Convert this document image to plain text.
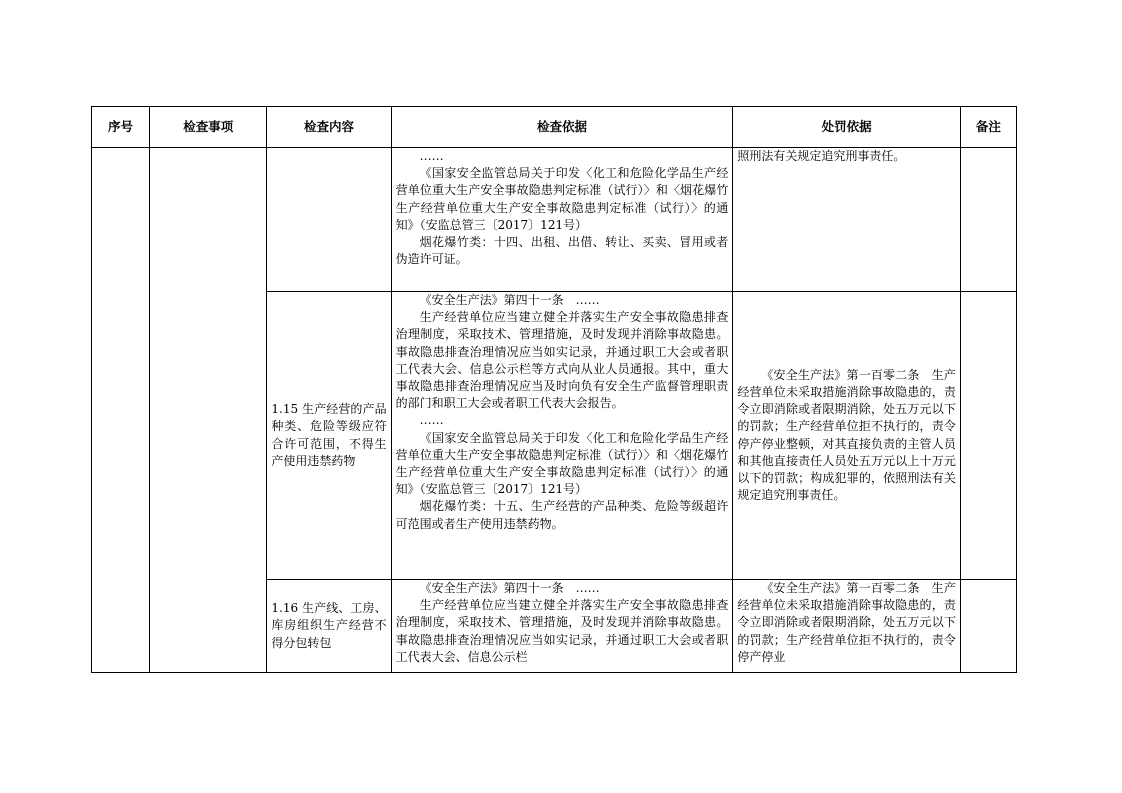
序号	检查事项	检查内容	检查依据	处罚依据	备注

			……

《国家安全监管总局关于印发〈化工和危险化学品生产经营单位重大生产安全事故隐患判定标准（试行）〉和〈烟花爆竹生产经营单位重大生产安全事故隐患判定标准（试行）〉的通知》（安监总管三〔2017〕121号）

烟花爆竹类：十四、出租、出借、转让、买卖、冒用或者伪造许可证。	照刑法有关规定追究刑事责任。	

		1.15 生产经营的产品种类、危险等级应符合许可范围，不得生产使用违禁药物	《安全生产法》第四十一条　……

生产经营单位应当建立健全并落实生产安全事故隐患排查治理制度，采取技术、管理措施，及时发现并消除事故隐患。事故隐患排查治理情况应当如实记录，并通过职工大会或者职工代表大会、信息公示栏等方式向从业人员通报。其中，重大事故隐患排查治理情况应当及时向负有安全生产监督管理职责的部门和职工大会或者职工代表大会报告。

……

《国家安全监管总局关于印发〈化工和危险化学品生产经营单位重大生产安全事故隐患判定标准（试行）〉和〈烟花爆竹生产经营单位重大生产安全事故隐患判定标准（试行）〉的通知》（安监总管三〔2017〕121号）

烟花爆竹类：十五、生产经营的产品种类、危险等级超许可范围或者生产使用违禁药物。	《安全生产法》第一百零二条　生产经营单位未采取措施消除事故隐患的，责令立即消除或者限期消除，处五万元以下的罚款；生产经营单位拒不执行的，责令停产停业整顿，对其直接负责的主管人员和其他直接责任人员处五万元以上十万元以下的罚款；构成犯罪的，依照刑法有关规定追究刑事责任。	

		1.16 生产线、工房、库房组织生产经营不得分包转包	《安全生产法》第四十一条　……

生产经营单位应当建立健全并落实生产安全事故隐患排查治理制度，采取技术、管理措施，及时发现并消除事故隐患。事故隐患排查治理情况应当如实记录，并通过职工大会或者职工代表大会、信息公示栏	《安全生产法》第一百零二条　生产经营单位未采取措施消除事故隐患的，责令立即消除或者限期消除，处五万元以下的罚款；生产经营单位拒不执行的，责令停产停业	
